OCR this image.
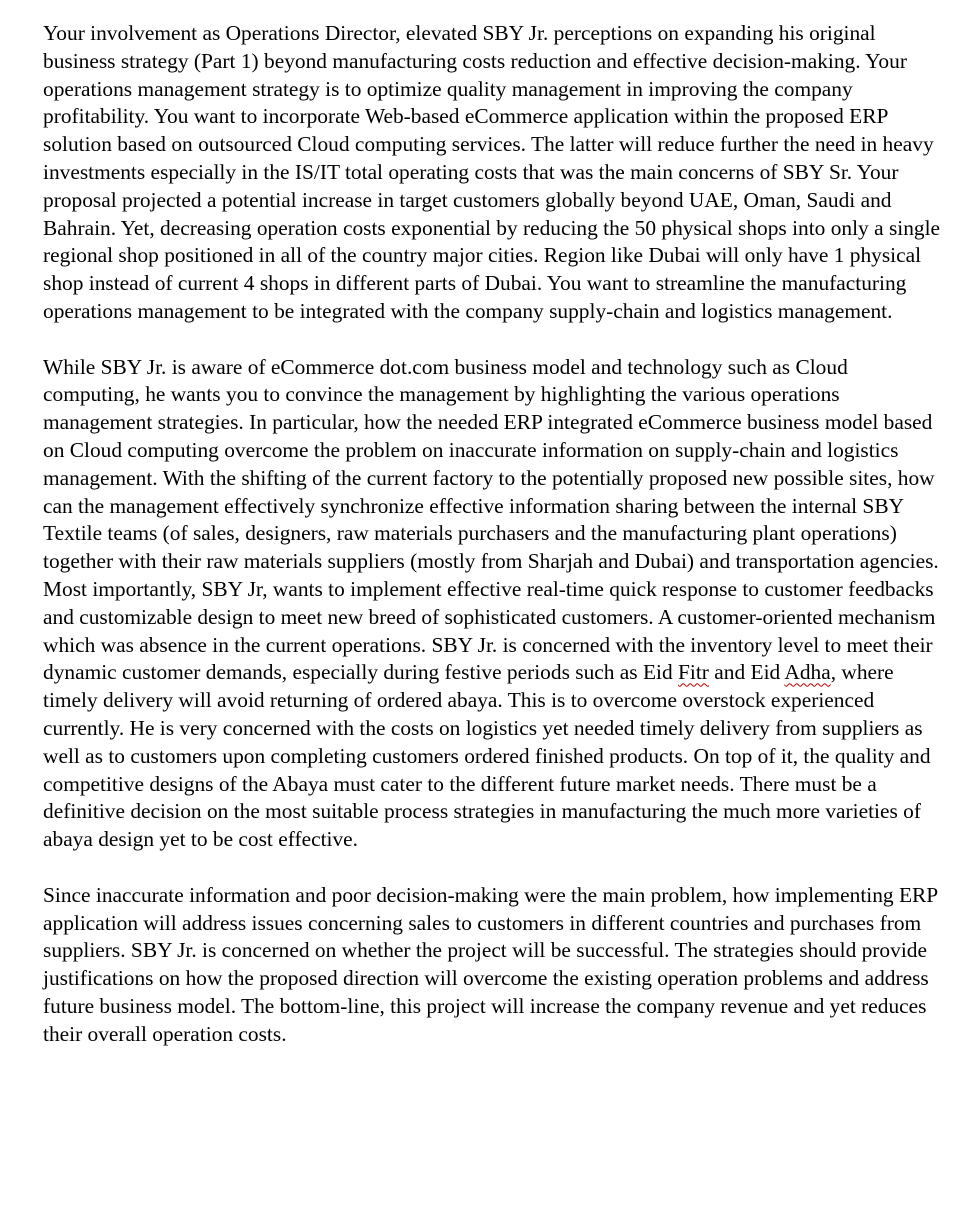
Your involvement as Operations Director, elevated SBY Jr. perceptions on expanding his original business strategy (Part 1) beyond manufacturing costs reduction and effective decision-making. Your operations management strategy is to optimize quality management in improving the company profitability. You want to incorporate Web-based eCommerce application within the proposed ERP solution based on outsourced Cloud computing services. The latter will reduce further the need in heavy investments especially in the IS/IT total operating costs that was the main concerns of SBY Sr. Your proposal projected a potential increase in target customers globally beyond UAE, Oman, Saudi and Bahrain. Yet, decreasing operation costs exponential by reducing the 50 physical shops into only a single regional shop positioned in all of the country major cities. Region like Dubai will only have 1 physical shop instead of current 4 shops in different parts of Dubai. You want to streamline the manufacturing operations management to be integrated with the company supply-chain and logistics management.

While SBY Jr. is aware of eCommerce dot.com business model and technology such as Cloud computing, he wants you to convince the management by highlighting the various operations management strategies. In particular, how the needed ERP integrated eCommerce business model based on Cloud computing overcome the problem on inaccurate information on supply-chain and logistics management. With the shifting of the current factory to the potentially proposed new possible sites, how can the management effectively synchronize effective information sharing between the internal SBY Textile teams (of sales, designers, raw materials purchasers and the manufacturing plant operations) together with their raw materials suppliers (mostly from Sharjah and Dubai) and transportation agencies. Most importantly, SBY Jr, wants to implement effective real-time quick response to customer feedbacks and customizable design to meet new breed of sophisticated customers. A customer-oriented mechanism which was absence in the current operations. SBY Jr. is concerned with the inventory level to meet their dynamic customer demands, especially during festive periods such as Eid Fitr and Eid Adha, where timely delivery will avoid returning of ordered abaya. This is to overcome overstock experienced currently. He is very concerned with the costs on logistics yet needed timely delivery from suppliers as well as to customers upon completing customers ordered finished products. On top of it, the quality and competitive designs of the Abaya must cater to the different future market needs. There must be a definitive decision on the most suitable process strategies in manufacturing the much more varieties of abaya design yet to be cost effective.

Since inaccurate information and poor decision-making were the main problem, how implementing ERP application will address issues concerning sales to customers in different countries and purchases from suppliers. SBY Jr. is concerned on whether the project will be successful. The strategies should provide justifications on how the proposed direction will overcome the existing operation problems and address future business model. The bottom-line, this project will increase the company revenue and yet reduces their overall operation costs.
